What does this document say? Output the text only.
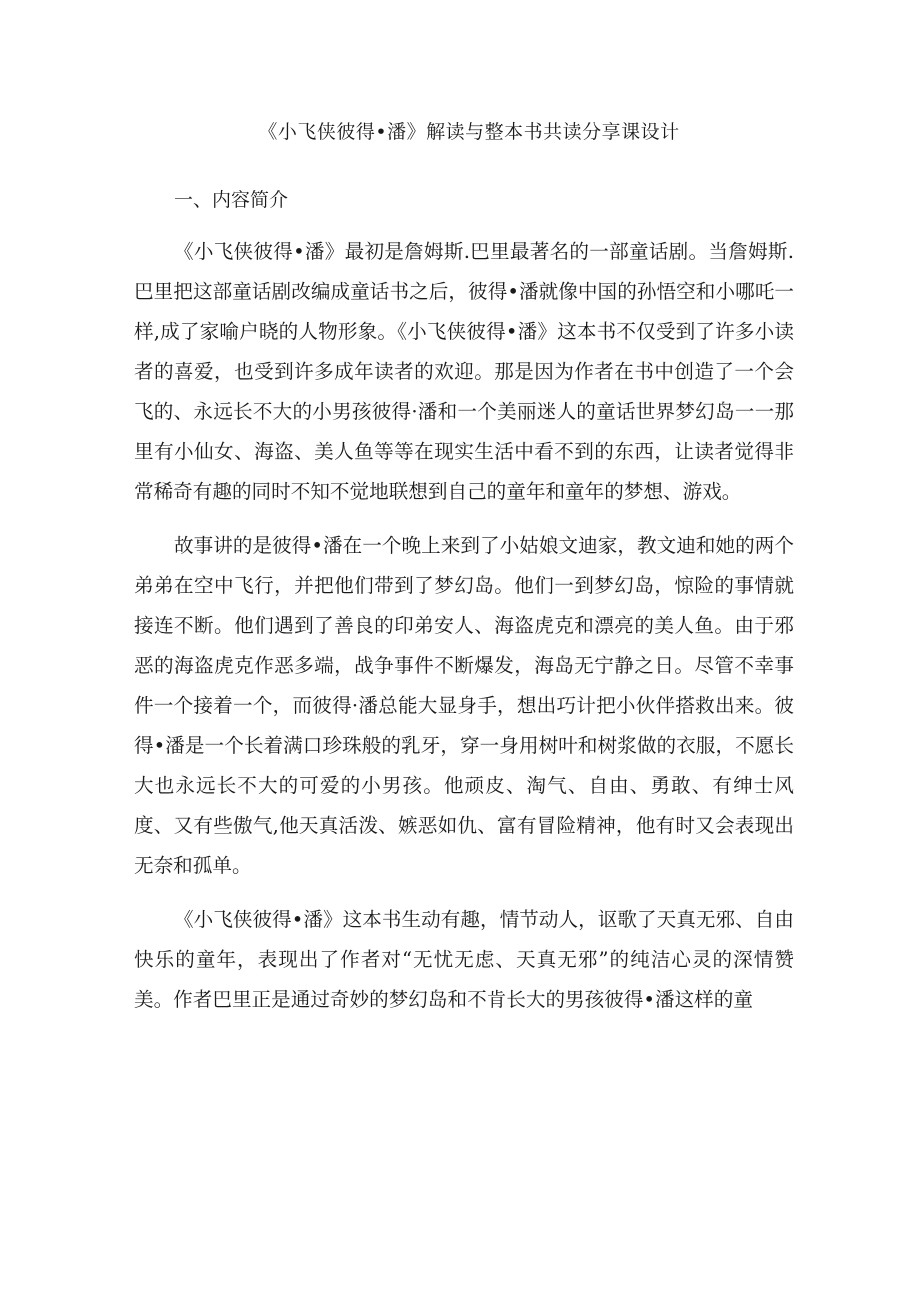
《小飞侠彼得•潘》解读与整本书共读分享课设计
一、内容简介

《小飞侠彼得•潘》最初是詹姆斯.巴里最著名的一部童话剧。当詹姆斯.巴里把这部童话剧改编成童话书之后，彼得•潘就像中国的孙悟空和小哪吒一样,成了家喻户晓的人物形象。《小飞侠彼得•潘》这本书不仅受到了许多小读者的喜爱，也受到许多成年读者的欢迎。那是因为作者在书中创造了一个会飞的、永远长不大的小男孩彼得·潘和一个美丽迷人的童话世界梦幻岛一一那里有小仙女、海盗、美人鱼等等在现实生活中看不到的东西，让读者觉得非常稀奇有趣的同时不知不觉地联想到自己的童年和童年的梦想、游戏。

故事讲的是彼得•潘在一个晚上来到了小姑娘文迪家，教文迪和她的两个弟弟在空中飞行，并把他们带到了梦幻岛。他们一到梦幻岛，惊险的事情就接连不断。他们遇到了善良的印弟安人、海盗虎克和漂亮的美人鱼。由于邪恶的海盗虎克作恶多端，战争事件不断爆发，海岛无宁静之日。尽管不幸事件一个接着一个，而彼得·潘总能大显身手，想出巧计把小伙伴搭救出来。彼得•潘是一个长着满口珍珠般的乳牙，穿一身用树叶和树浆做的衣服，不愿长大也永远长不大的可爱的小男孩。他顽皮、淘气、自由、勇敢、有绅士风度、又有些傲气,他天真活泼、嫉恶如仇、富有冒险精神，他有时又会表现出无奈和孤单。

《小飞侠彼得•潘》这本书生动有趣，情节动人，讴歌了天真无邪、自由快乐的童年，表现出了作者对“无忧无虑、天真无邪”的纯洁心灵的深情赞美。作者巴里正是通过奇妙的梦幻岛和不肯长大的男孩彼得•潘这样的童
